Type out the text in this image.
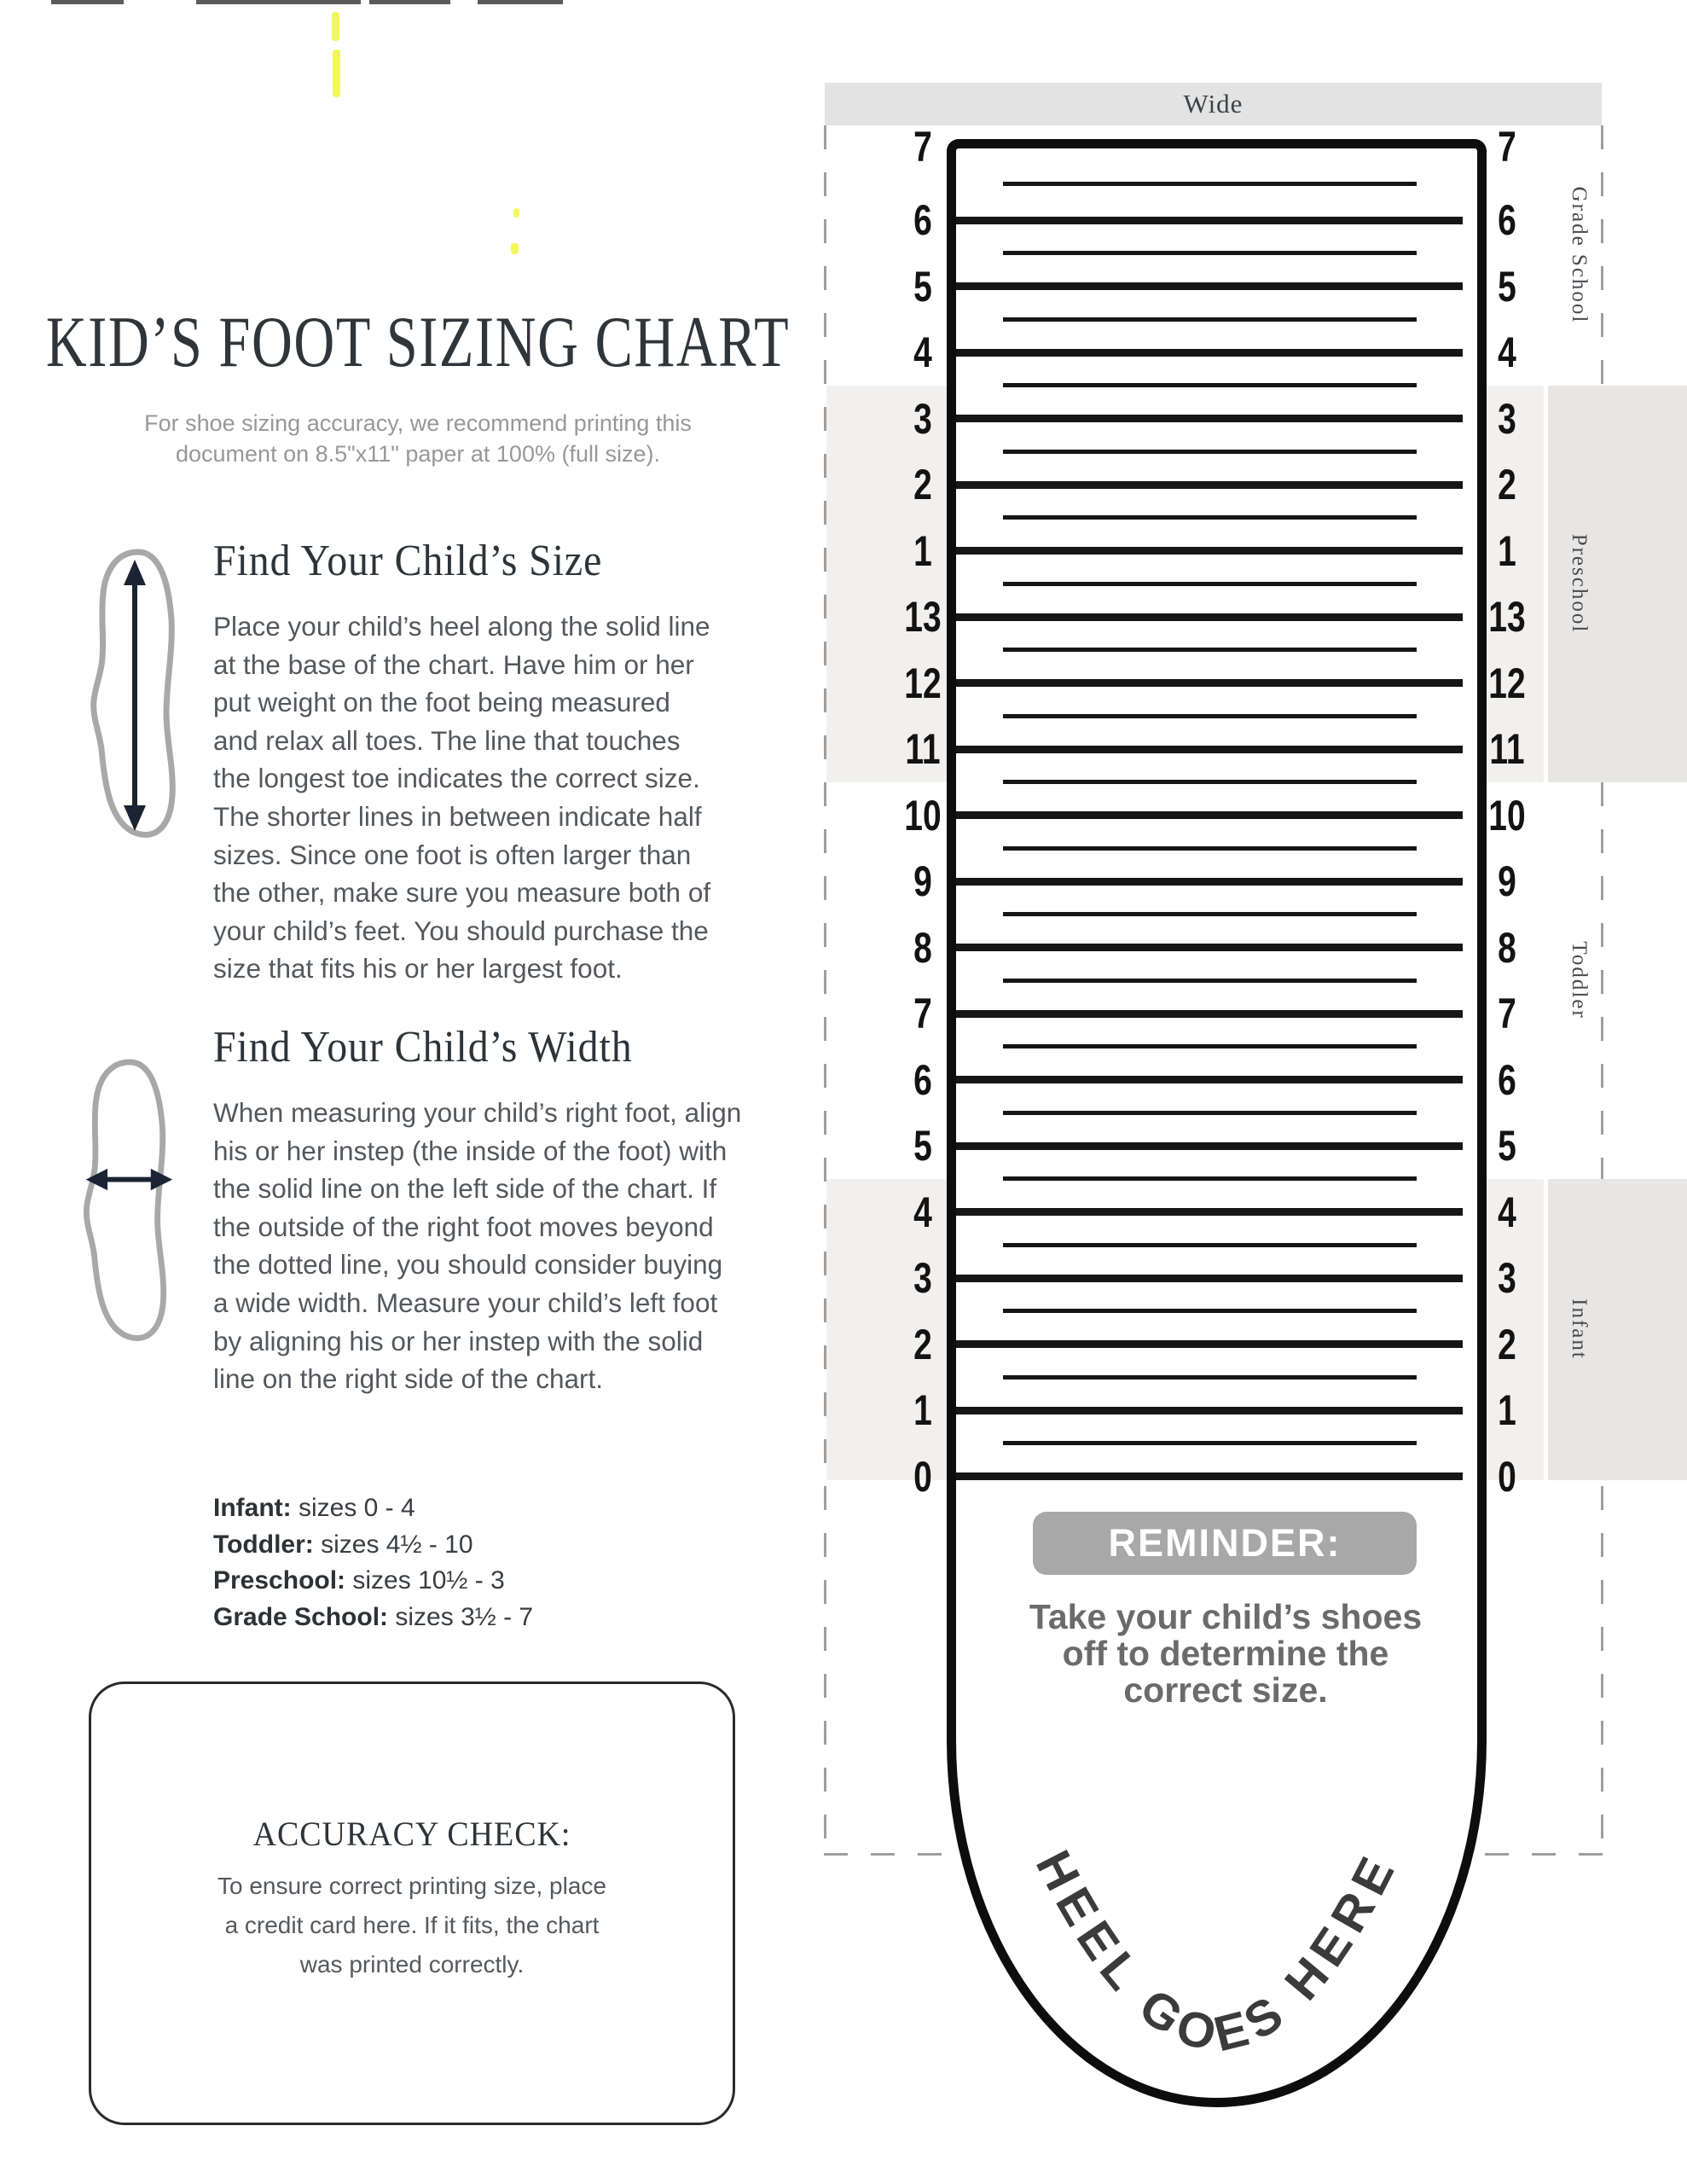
KID’S FOOT SIZING CHART
For shoe sizing accuracy, we recommend printing this
document on 8.5"x11" paper at 100% (full size).
Find Your Child’s Size
Place your child’s heel along the solid line
at the base of the chart. Have him or her
put weight on the foot being measured
and relax all toes. The line that touches
the longest toe indicates the correct size.
The shorter lines in between indicate half
sizes. Since one foot is often larger than
the other, make sure you measure both of
your child’s feet. You should purchase the
size that fits his or her largest foot.
Find Your Child’s Width
When measuring your child’s right foot, align
his or her instep (the inside of the foot) with
the solid line on the left side of the chart. If
the outside of the right foot moves beyond
the dotted line, you should consider buying
a wide width. Measure your child’s left foot
by aligning his or her instep with the solid
line on the right side of the chart.
Infant: sizes 0 - 4
Toddler: sizes 4½ - 10
Preschool: sizes 10½ - 3
Grade School: sizes 3½ - 7
ACCURACY CHECK:
To ensure correct printing size, place
a credit card here. If it fits, the chart
was printed correctly.
Wide
Grade School
Preschool
Toddler
Infant
7	7
6	6
5	5
4	4
3	3
2	2
1	1
13	13
12	12
11	11
10	10
9	9
8	8
7	7
6	6
5	5
4	4
3	3
2	2
1	1
0	0
REMINDER:
Take your child’s shoes
off to determine the
correct size.
HEEL GOES HERE
